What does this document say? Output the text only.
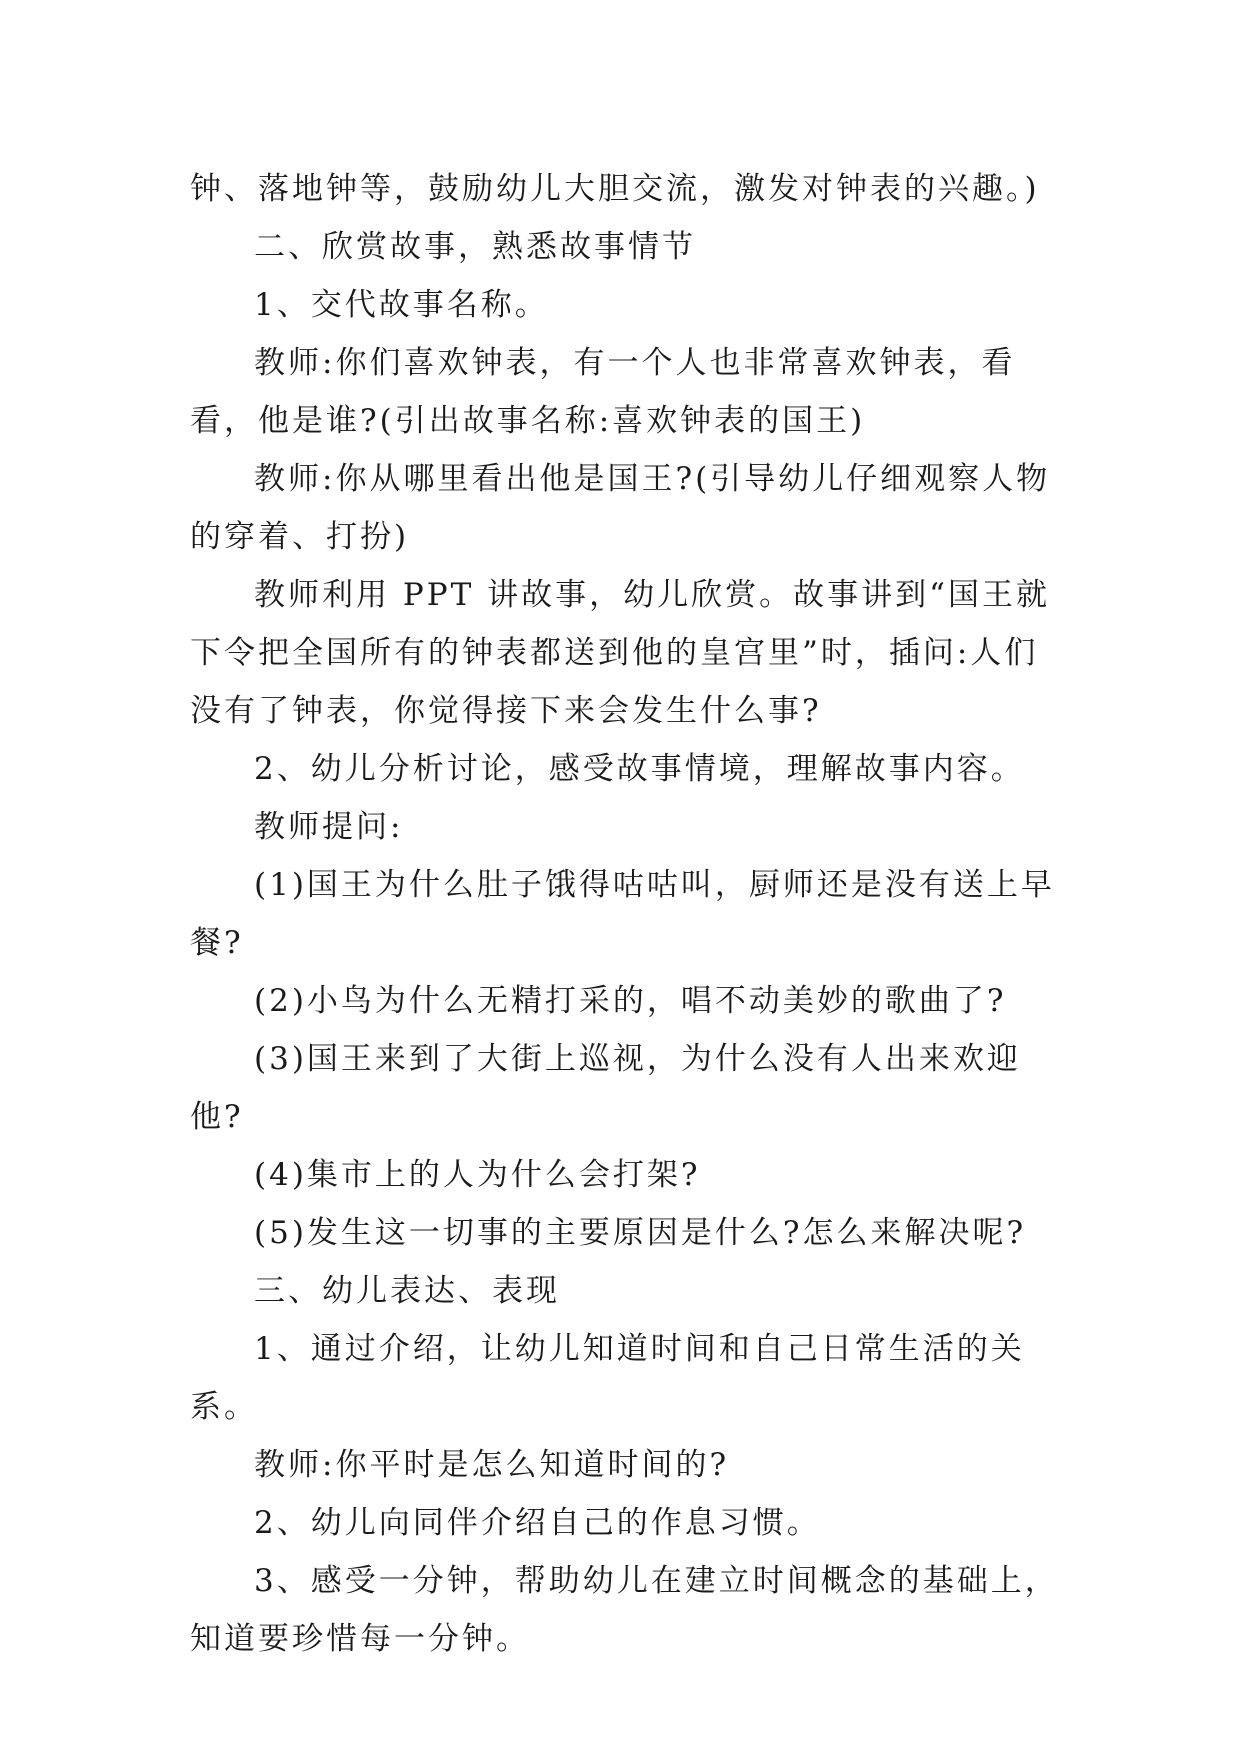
钟、落地钟等，鼓励幼儿大胆交流，激发对钟表的兴趣。)

二、欣赏故事，熟悉故事情节

1、交代故事名称。

教师:你们喜欢钟表，有一个人也非常喜欢钟表，看看，他是谁?(引出故事名称:喜欢钟表的国王)

教师:你从哪里看出他是国王?(引导幼儿仔细观察人物的穿着、打扮)

教师利用 PPT 讲故事，幼儿欣赏。故事讲到“国王就下令把全国所有的钟表都送到他的皇宫里”时，插问:人们没有了钟表，你觉得接下来会发生什么事?

2、幼儿分析讨论，感受故事情境，理解故事内容。

教师提问:

(1)国王为什么肚子饿得咕咕叫，厨师还是没有送上早餐?

(2)小鸟为什么无精打采的，唱不动美妙的歌曲了?

(3)国王来到了大街上巡视，为什么没有人出来欢迎他?

(4)集市上的人为什么会打架?

(5)发生这一切事的主要原因是什么?怎么来解决呢?

三、幼儿表达、表现

1、通过介绍，让幼儿知道时间和自己日常生活的关系。

教师:你平时是怎么知道时间的?

2、幼儿向同伴介绍自己的作息习惯。

3、感受一分钟，帮助幼儿在建立时间概念的基础上，知道要珍惜每一分钟。
